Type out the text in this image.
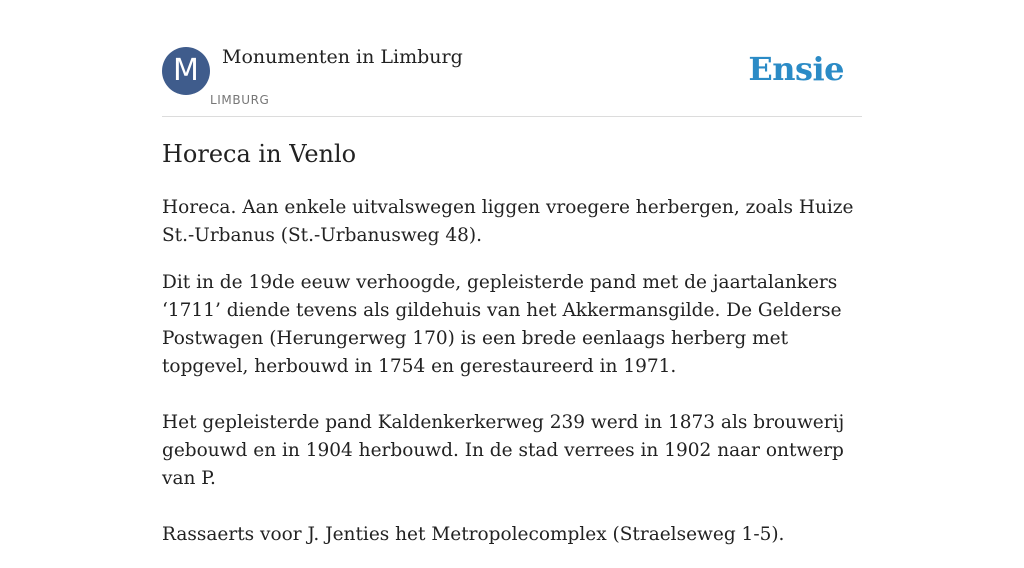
M	Monumenten in Limburg
LIMBURG
Ensie
Horeca in Venlo

Horeca. Aan enkele uitvalswegen liggen vroegere herbergen, zoals Huize St.-Urbanus (St.-Urbanusweg 48).

Dit in de 19de eeuw verhoogde, gepleisterde pand met de jaartalankers ‘1711’ diende tevens als gildehuis van het Akkermansgilde. De Gelderse Postwagen (Herungerweg 170) is een brede eenlaags herberg met topgevel, herbouwd in 1754 en gerestaureerd in 1971.

Het gepleisterde pand Kaldenkerkerweg 239 werd in 1873 als brouwerij gebouwd en in 1904 herbouwd. In de stad verrees in 1902 naar ontwerp van P.

Rassaerts voor J. Jenties het Metropolecomplex (Straelseweg 1-5).
